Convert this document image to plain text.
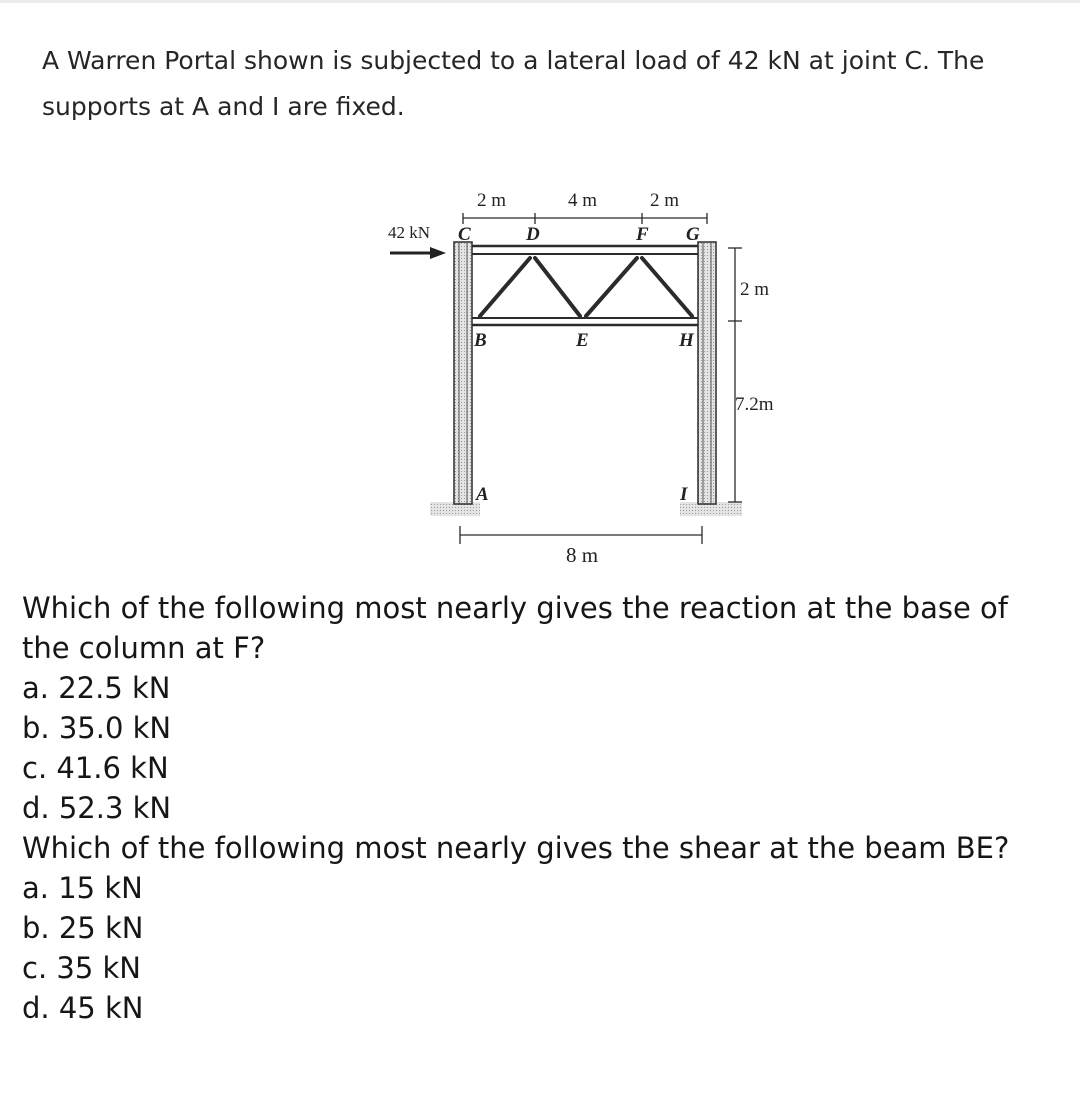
A Warren Portal shown is subjected to a lateral load of 42 kN at joint C. The supports at A and I are fixed.
42 kN
2 m	4 m	2 m
2 m
7.2m
8 m
C	D	F G
B	E	H
A	I

Which of the following most nearly gives the reaction at the base of the column at F?

a. 22.5 kN

b. 35.0 kN

c. 41.6 kN

d. 52.3 kN

Which of the following most nearly gives the shear at the beam BE?

a. 15 kN

b. 25 kN

c. 35 kN

d. 45 kN
